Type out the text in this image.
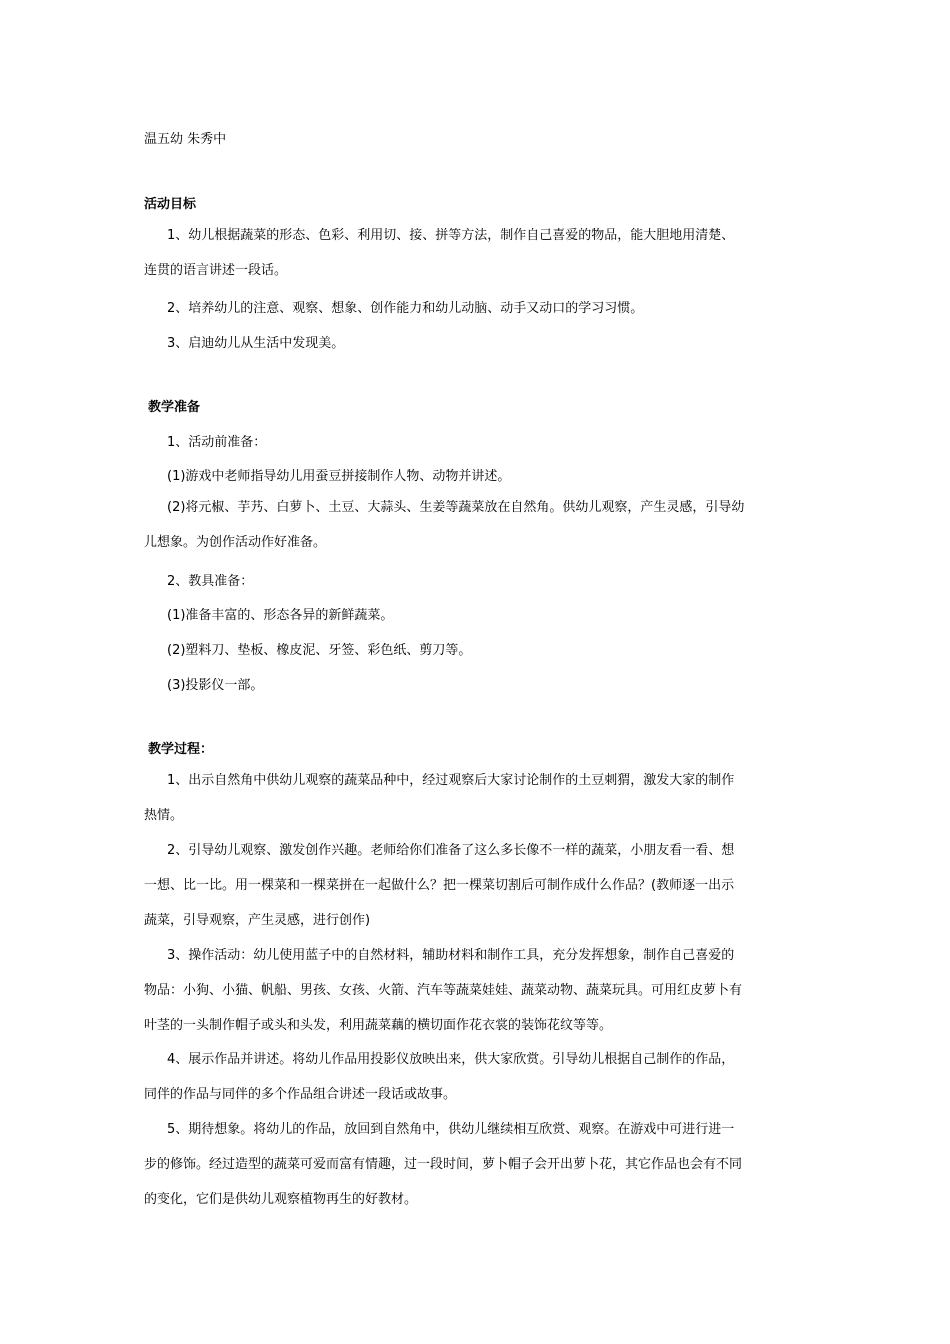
温五幼 朱秀中
活动目标
1、幼儿根据蔬菜的形态、色彩、利用切、接、拼等方法，制作自己喜爱的物品，能大胆地用清楚、
连贯的语言讲述一段话。
2、培养幼儿的注意、观察、想象、创作能力和幼儿动脑、动手又动口的学习习惯。
3、启迪幼儿从生活中发现美。
教学准备
1、活动前准备：
(1)游戏中老师指导幼儿用蚕豆拼接制作人物、动物并讲述。
(2)将元椒、芋艿、白萝卜、土豆、大蒜头、生姜等蔬菜放在自然角。供幼儿观察，产生灵感，引导幼
儿想象。为创作活动作好准备。
2、教具准备：
(1)准备丰富的、形态各异的新鲜蔬菜。
(2)塑料刀、垫板、橡皮泥、牙签、彩色纸、剪刀等。
(3)投影仪一部。
教学过程：
1、出示自然角中供幼儿观察的蔬菜品种中，经过观察后大家讨论制作的土豆刺猬，激发大家的制作
热情。
2、引导幼儿观察、激发创作兴趣。老师给你们准备了这么多长像不一样的蔬菜，小朋友看一看、想
一想、比一比。用一棵菜和一棵菜拼在一起做什么？把一棵菜切割后可制作成什么作品？(教师逐一出示
蔬菜，引导观察，产生灵感，进行创作)
3、操作活动：幼儿使用蓝子中的自然材料，辅助材料和制作工具，充分发挥想象，制作自己喜爱的
物品：小狗、小猫、帆船、男孩、女孩、火箭、汽车等蔬菜娃娃、蔬菜动物、蔬菜玩具。可用红皮萝卜有
叶茎的一头制作帽子或头和头发，利用蔬菜藕的横切面作花衣裳的装饰花纹等等。
4、展示作品并讲述。将幼儿作品用投影仪放映出来，供大家欣赏。引导幼儿根据自己制作的作品，
同伴的作品与同伴的多个作品组合讲述一段话或故事。
5、期待想象。将幼儿的作品，放回到自然角中，供幼儿继续相互欣赏、观察。在游戏中可进行进一
步的修饰。经过造型的蔬菜可爱而富有情趣，过一段时间，萝卜帽子会开出萝卜花，其它作品也会有不同
的变化，它们是供幼儿观察植物再生的好教材。
